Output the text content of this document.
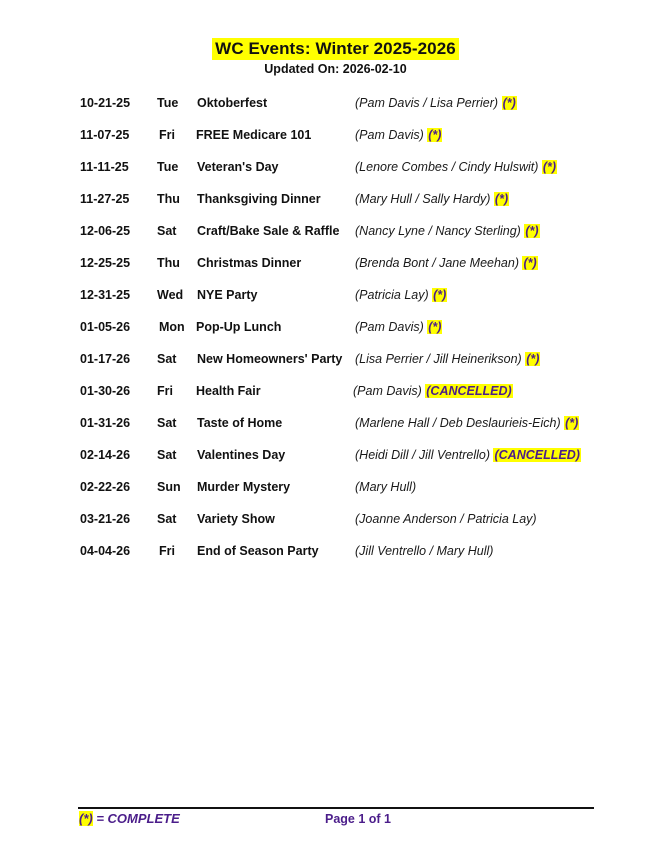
WC Events: Winter 2025-2026
Updated On: 2026-02-10
10-21-25 Tue Oktoberfest	(Pam Davis / Lisa Perrier) (*)
11-07-25 Fri FREE Medicare 101	(Pam Davis) (*)
11-11-25 Tue Veteran's Day	(Lenore Combes / Cindy Hulswit) (*)
11-27-25 Thu Thanksgiving Dinner	(Mary Hull / Sally Hardy) (*)
12-06-25 Sat Craft/Bake Sale & Raffle (Nancy Lyne / Nancy Sterling) (*)
12-25-25 Thu Christmas Dinner	(Brenda Bont / Jane Meehan) (*)
12-31-25 Wed NYE Party	(Patricia Lay) (*)
01-05-26 Mon Pop-Up Lunch	(Pam Davis) (*)
01-17-26 Sat New Homeowners' Party (Lisa Perrier / Jill Heinerikson) (*)
01-30-26 Fri Health Fair	(Pam Davis) (CANCELLED)
01-31-26 Sat Taste of Home	(Marlene Hall / Deb Deslaurieis-Eich) (*)
02-14-26 Sat Valentines Day	(Heidi Dill / Jill Ventrello) (CANCELLED)
02-22-26 Sun Murder Mystery	(Mary Hull)
03-21-26 Sat Variety Show	(Joanne Anderson / Patricia Lay)
04-04-26 Fri End of Season Party	(Jill Ventrello / Mary Hull)
(*) = COMPLETE	Page 1 of 1
